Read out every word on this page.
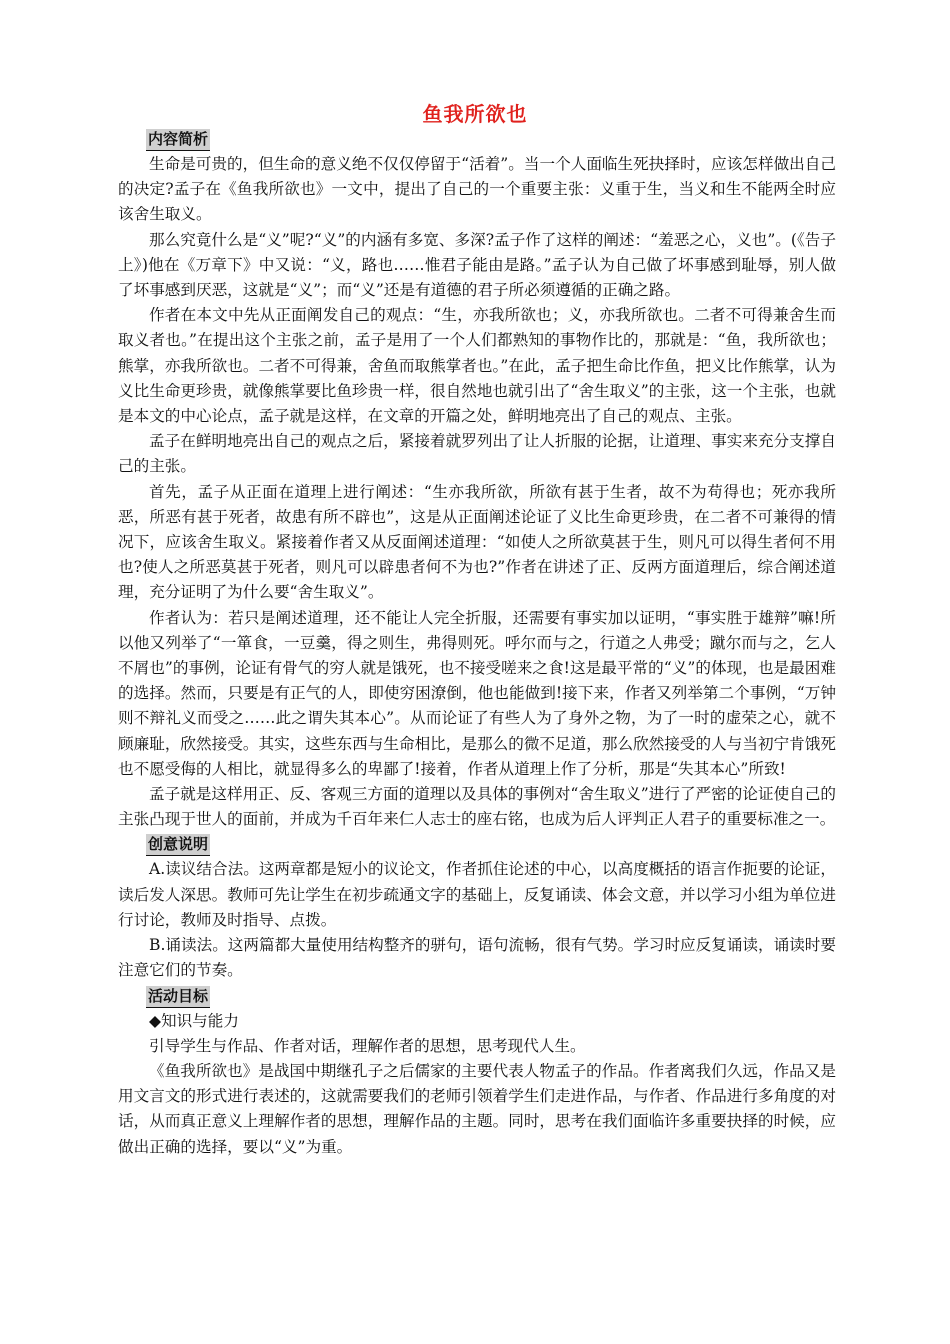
鱼我所欲也
内容简析

生命是可贵的，但生命的意义绝不仅仅停留于“活着”。当一个人面临生死抉择时，应该怎样做出自己的决定?孟子在《鱼我所欲也》一文中，提出了自己的一个重要主张：义重于生，当义和生不能两全时应该舍生取义。

那么究竟什么是“义”呢?“义”的内涵有多宽、多深?孟子作了这样的阐述：“羞恶之心，义也”。(《告子上》)他在《万章下》中又说：“义，路也……惟君子能由是路。”孟子认为自己做了坏事感到耻辱，别人做了坏事感到厌恶，这就是“义”；而“义”还是有道德的君子所必须遵循的正确之路。

作者在本文中先从正面阐发自己的观点：“生，亦我所欲也；义，亦我所欲也。二者不可得兼舍生而取义者也。”在提出这个主张之前，孟子是用了一个人们都熟知的事物作比的，那就是：“鱼，我所欲也；熊掌，亦我所欲也。二者不可得兼，舍鱼而取熊掌者也。”在此，孟子把生命比作鱼，把义比作熊掌，认为义比生命更珍贵，就像熊掌要比鱼珍贵一样，很自然地也就引出了“舍生取义”的主张，这一个主张，也就是本文的中心论点，孟子就是这样，在文章的开篇之处，鲜明地亮出了自己的观点、主张。

孟子在鲜明地亮出自己的观点之后，紧接着就罗列出了让人折服的论据，让道理、事实来充分支撑自己的主张。

首先，孟子从正面在道理上进行阐述：“生亦我所欲，所欲有甚于生者，故不为苟得也；死亦我所恶，所恶有甚于死者，故患有所不辟也”，这是从正面阐述论证了义比生命更珍贵，在二者不可兼得的情况下，应该舍生取义。紧接着作者又从反面阐述道理：“如使人之所欲莫甚于生，则凡可以得生者何不用也?使人之所恶莫甚于死者，则凡可以辟患者何不为也?”作者在讲述了正、反两方面道理后，综合阐述道理，充分证明了为什么要“舍生取义”。

作者认为：若只是阐述道理，还不能让人完全折服，还需要有事实加以证明，“事实胜于雄辩”嘛!所以他又列举了“一箪食，一豆羹，得之则生，弗得则死。呼尔而与之，行道之人弗受；蹴尔而与之，乞人不屑也”的事例，论证有骨气的穷人就是饿死，也不接受嗟来之食!这是最平常的“义”的体现，也是最困难的选择。然而，只要是有正气的人，即使穷困潦倒，他也能做到!接下来，作者又列举第二个事例，“万钟则不辩礼义而受之……此之谓失其本心”。从而论证了有些人为了身外之物，为了一时的虚荣之心，就不顾廉耻，欣然接受。其实，这些东西与生命相比，是那么的微不足道，那么欣然接受的人与当初宁肯饿死也不愿受侮的人相比，就显得多么的卑鄙了!接着，作者从道理上作了分析，那是“失其本心”所致!

孟子就是这样用正、反、客观三方面的道理以及具体的事例对“舍生取义”进行了严密的论证使自己的主张凸现于世人的面前，并成为千百年来仁人志士的座右铭，也成为后人评判正人君子的重要标准之一。

创意说明

A.读议结合法。这两章都是短小的议论文，作者抓住论述的中心，以高度概括的语言作扼要的论证，读后发人深思。教师可先让学生在初步疏通文字的基础上，反复诵读、体会文意，并以学习小组为单位进行讨论，教师及时指导、点拨。

B.诵读法。这两篇都大量使用结构整齐的骈句，语句流畅，很有气势。学习时应反复诵读，诵读时要注意它们的节奏。

活动目标

◆知识与能力

引导学生与作品、作者对话，理解作者的思想，思考现代人生。

《鱼我所欲也》是战国中期继孔子之后儒家的主要代表人物孟子的作品。作者离我们久远，作品又是用文言文的形式进行表述的，这就需要我们的老师引领着学生们走进作品，与作者、作品进行多角度的对话，从而真正意义上理解作者的思想，理解作品的主题。同时，思考在我们面临许多重要抉择的时候，应做出正确的选择，要以“义”为重。
